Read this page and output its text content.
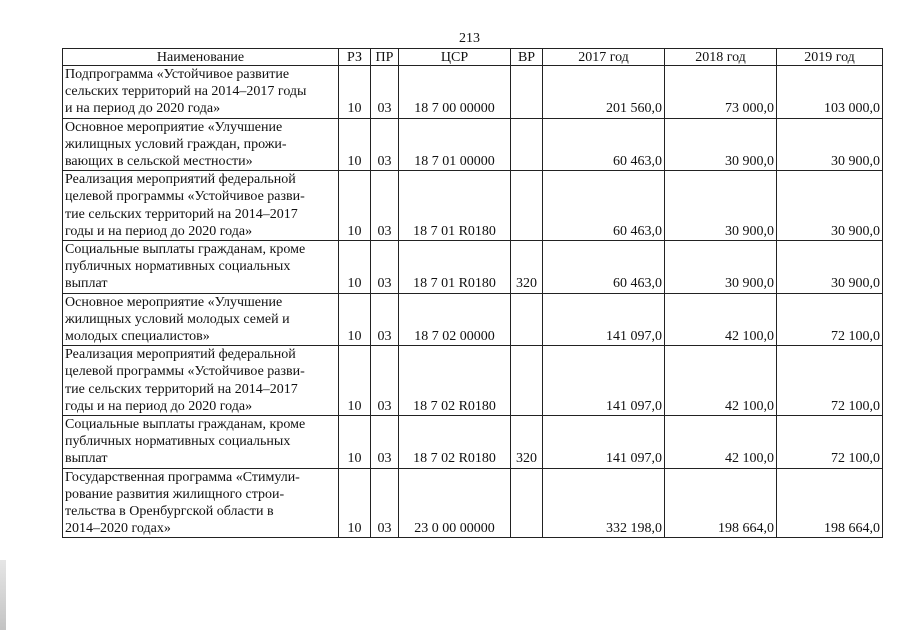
213
Наименование	РЗ	ПР	ЦСР	ВР	2017 год	2018 год	2019 год

Подпрограмма «Устойчивое развитие
сельских территорий на 2014–2017 годы
и на период до 2020 года»	10	03	18 7 00 00000		201 560,0	73 000,0	103 000,0

Основное мероприятие «Улучшение
жилищных условий граждан, прожи-
вающих в сельской местности»	10	03	18 7 01 00000		60 463,0	30 900,0	30 900,0

Реализация мероприятий федеральной
целевой программы «Устойчивое разви-
тие сельских территорий на 2014–2017
годы и на период до 2020 года»	10	03	18 7 01 R0180		60 463,0	30 900,0	30 900,0

Социальные выплаты гражданам, кроме
публичных нормативных социальных
выплат	10	03	18 7 01 R0180	320	60 463,0	30 900,0	30 900,0

Основное мероприятие «Улучшение
жилищных условий молодых семей и
молодых специалистов»	10	03	18 7 02 00000		141 097,0	42 100,0	72 100,0

Реализация мероприятий федеральной
целевой программы «Устойчивое разви-
тие сельских территорий на 2014–2017
годы и на период до 2020 года»	10	03	18 7 02 R0180		141 097,0	42 100,0	72 100,0

Социальные выплаты гражданам, кроме
публичных нормативных социальных
выплат	10	03	18 7 02 R0180	320	141 097,0	42 100,0	72 100,0

Государственная программа «Стимули-
рование развития жилищного строи-
тельства в Оренбургской области в
2014–2020 годах»	10	03	23 0 00 00000		332 198,0	198 664,0	198 664,0
